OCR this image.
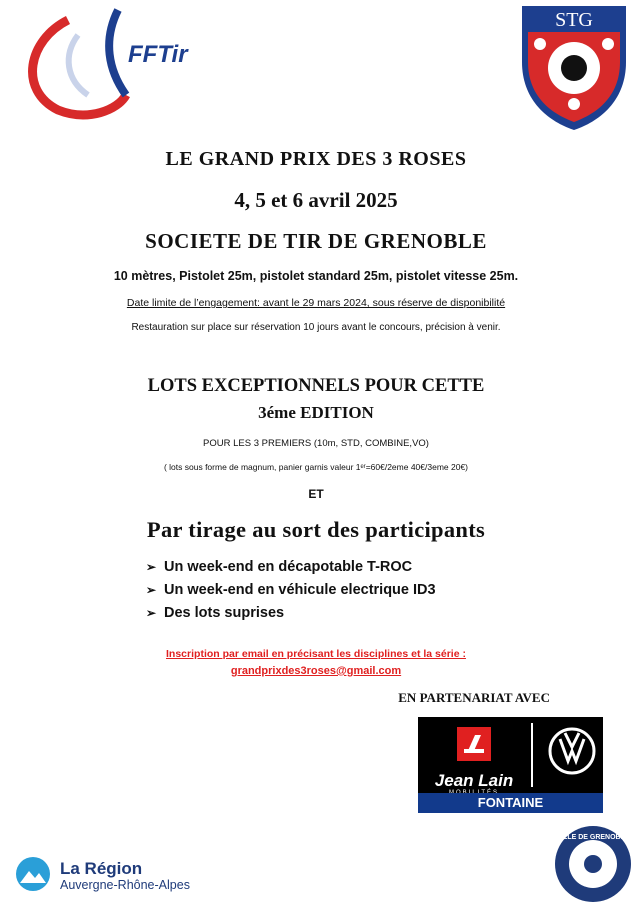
FFTir
STG
LE GRAND PRIX DES 3 ROSES
4, 5 et 6 avril 2025
SOCIETE DE TIR DE GRENOBLE
10 mètres, Pistolet 25m, pistolet standard 25m, pistolet vitesse 25m.
Date limite de l’engagement: avant le 29 mars 2024, sous réserve de disponibilité
Restauration sur place sur réservation 10 jours avant le concours, précision à venir.
LOTS EXCEPTIONNELS POUR CETTE
3éme EDITION
POUR LES 3 PREMIERS (10m, STD, COMBINE,VO)
( lots sous forme de magnum, panier garnis valeur 1ᵉʳ=60€/2eme 40€/3eme 20€)
ET
Par tirage au sort des participants
➢ Un week-end en décapotable T-ROC
➢ Un week-end en véhicule electrique ID3
➢ Des lots suprises
Inscription par email en précisant les disciplines et la série :
grandprixdes3roses@gmail.com
EN PARTENARIAT AVEC
Jean Lain
FONTAINE
La Région
Auvergne-Rhône-Alpes
VILLE DE GRENOBLE
